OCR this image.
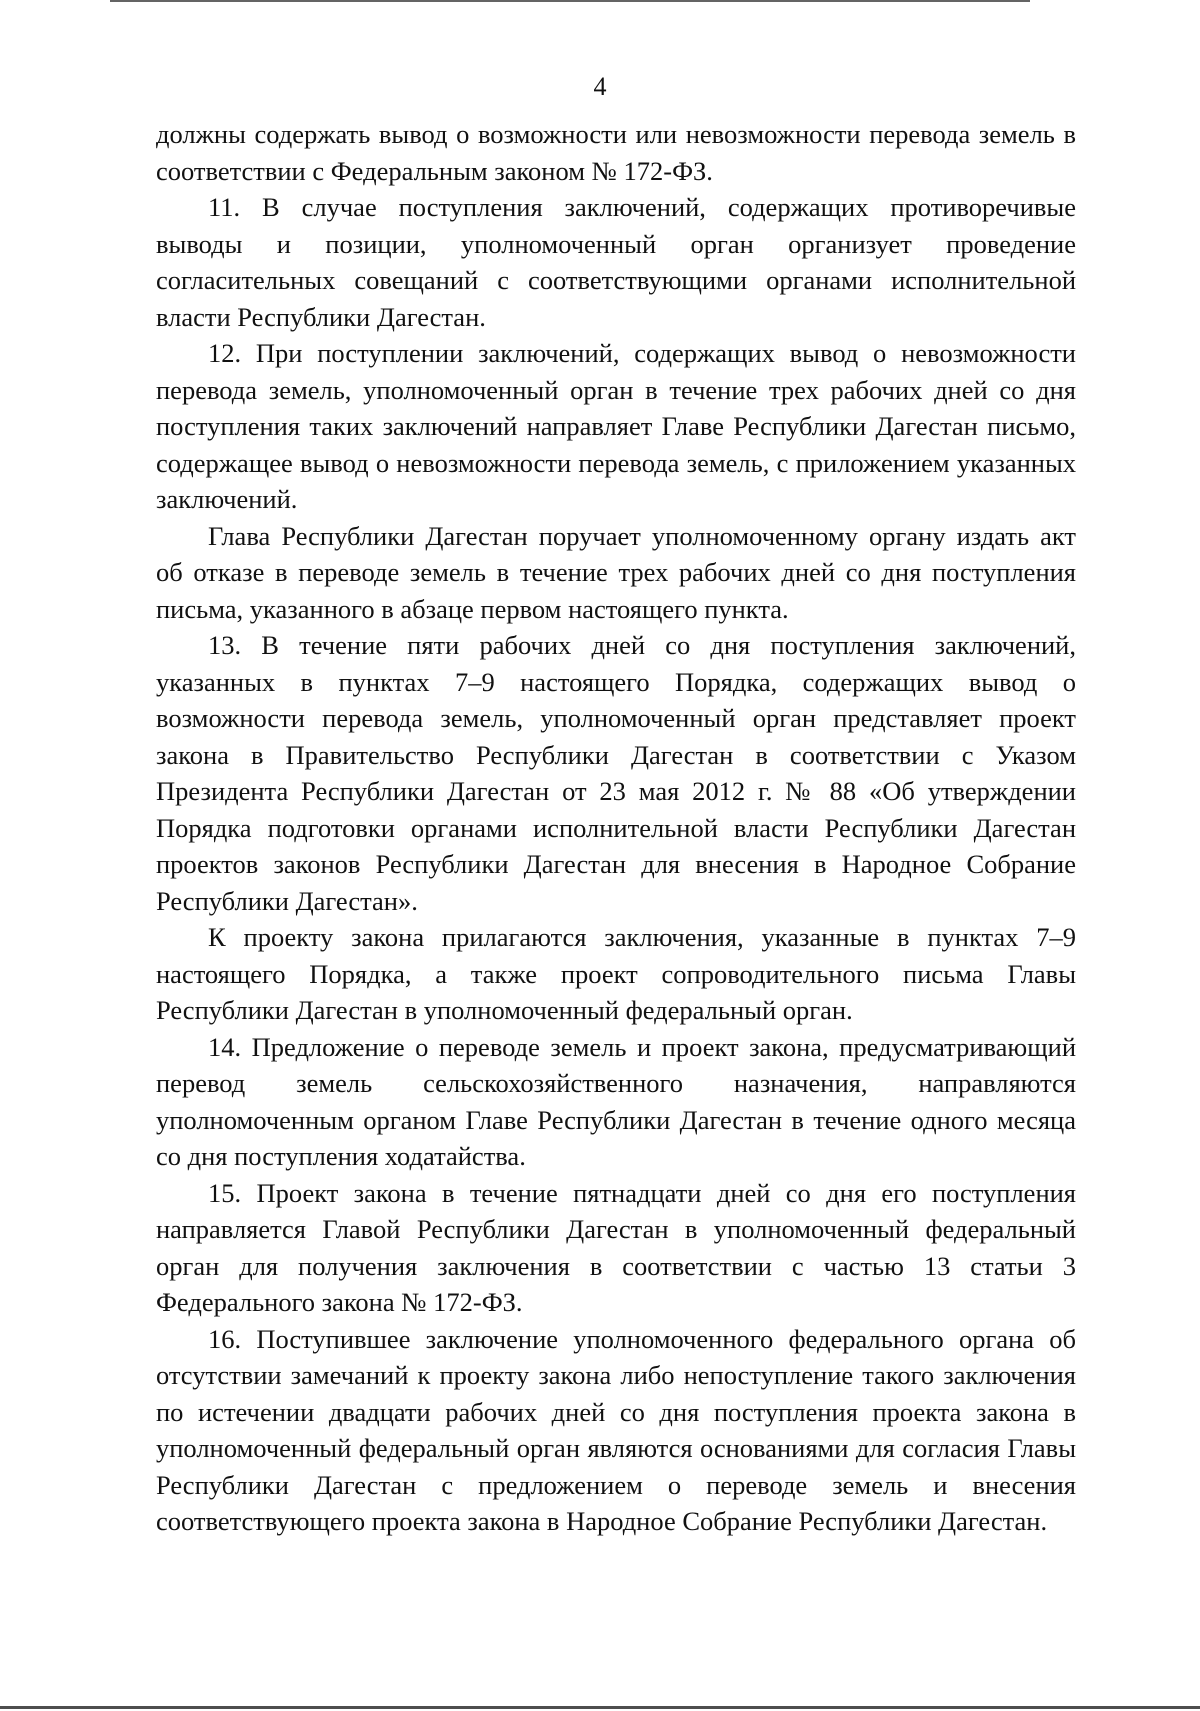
4

должны содержать вывод о возможности или невозможности перевода земель в соответствии с Федеральным законом № 172-ФЗ.

11. В случае поступления заключений, содержащих противоречивые выводы и позиции, уполномоченный орган организует проведение согласительных совещаний с соответствующими органами исполнительной власти Республики Дагестан.

12. При поступлении заключений, содержащих вывод о невозможности перевода земель, уполномоченный орган в течение трех рабочих дней со дня поступления таких заключений направляет Главе Республики Дагестан письмо, содержащее вывод о невозможности перевода земель, с приложением указанных заключений.

Глава Республики Дагестан поручает уполномоченному органу издать акт об отказе в переводе земель в течение трех рабочих дней со дня поступления письма, указанного в абзаце первом настоящего пункта.

13. В течение пяти рабочих дней со дня поступления заключений, указанных в пунктах 7–9 настоящего Порядка, содержащих вывод о возможности перевода земель, уполномоченный орган представляет проект закона в Правительство Республики Дагестан в соответствии с Указом Президента Республики Дагестан от 23 мая 2012 г. № 88 «Об утверждении Порядка подготовки органами исполнительной власти Республики Дагестан проектов законов Республики Дагестан для внесения в Народное Собрание Республики Дагестан».

К проекту закона прилагаются заключения, указанные в пунктах 7–9 настоящего Порядка, а также проект сопроводительного письма Главы Республики Дагестан в уполномоченный федеральный орган.

14. Предложение о переводе земель и проект закона, предусматривающий перевод земель сельскохозяйственного назначения, направляются уполномоченным органом Главе Республики Дагестан в течение одного месяца со дня поступления ходатайства.

15. Проект закона в течение пятнадцати дней со дня его поступления направляется Главой Республики Дагестан в уполномоченный федеральный орган для получения заключения в соответствии с частью 13 статьи 3 Федерального закона № 172-ФЗ.

16. Поступившее заключение уполномоченного федерального органа об отсутствии замечаний к проекту закона либо непоступление такого заключения по истечении двадцати рабочих дней со дня поступления проекта закона в уполномоченный федеральный орган являются основаниями для согласия Главы Республики Дагестан с предложением о переводе земель и внесения соответствующего проекта закона в Народное Собрание Республики Дагестан.
